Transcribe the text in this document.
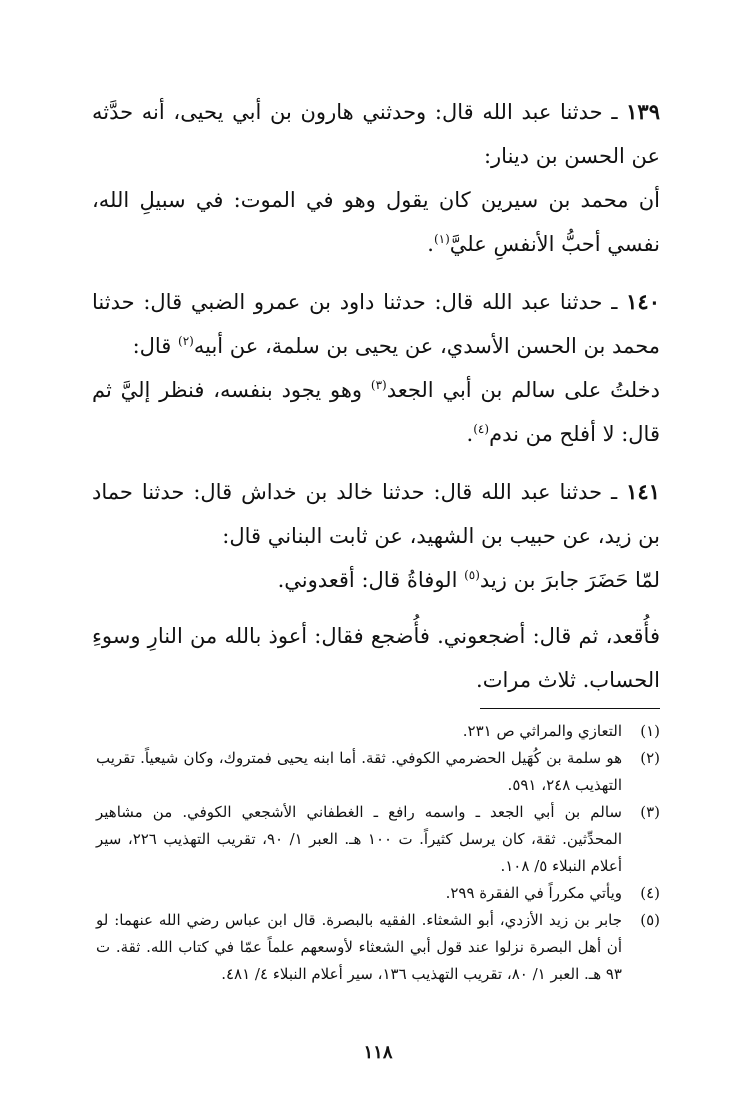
١٣٩ ـ حدثنا عبد الله قال: وحدثني هارون بن أبي يحيى، أنه حدَّثه عن الحسن بن دينار:

أن محمد بن سيرين كان يقول وهو في الموت: في سبيلِ الله، نفسي أحبُّ الأنفسِ عليَّ$^{(١)}$.

١٤٠ ـ حدثنا عبد الله قال: حدثنا داود بن عمرو الضبي قال: حدثنا محمد بن الحسن الأسدي، عن يحيى بن سلمة، عن أبيه$^{(٢)}$ قال:

دخلتُ على سالم بن أبي الجعد$^{(٣)}$ وهو يجود بنفسه، فنظر إليَّ ثم قال: لا أفلح من ندم$^{(٤)}$.

١٤١ ـ حدثنا عبد الله قال: حدثنا خالد بن خداش قال: حدثنا حماد بن زيد، عن حبيب بن الشهيد، عن ثابت البناني قال:

لمّا حَضَرَ جابرَ بن زيد$^{(٥)}$ الوفاةُ قال: أقعدوني.

فأُقعد، ثم قال: أضجعوني. فأُضجع فقال: أعوذ بالله من النارِ وسوءِ الحساب. ثلاث مرات.

(١)
التعازي والمراثي ص ٢٣١.
(٢)
هو سلمة بن كُهَيل الحضرمي الكوفي. ثقة. أما ابنه يحيى فمتروك، وكان شيعياً. تقريب التهذيب ٢٤٨، ٥٩١.
(٣)
سالم بن أبي الجعد ـ واسمه رافع ـ الغطفاني الأشجعي الكوفي. من مشاهير المحدِّثين. ثقة، كان يرسل كثيراً. ت ١٠٠ هـ. العبر ١/ ٩٠، تقريب التهذيب ٢٢٦، سير أعلام النبلاء ٥/ ١٠٨.
(٤)
ويأتي مكرراً في الفقرة ٢٩٩.
(٥)
جابر بن زيد الأزدي، أبو الشعثاء. الفقيه بالبصرة. قال ابن عباس رضي الله عنهما: لو أن أهل البصرة نزلوا عند قول أبي الشعثاء لأوسعهم علماً عمّا في كتاب الله. ثقة. ت ٩٣ هـ. العبر ١/ ٨٠، تقريب التهذيب ١٣٦، سير أعلام النبلاء ٤/ ٤٨١.
١١٨
